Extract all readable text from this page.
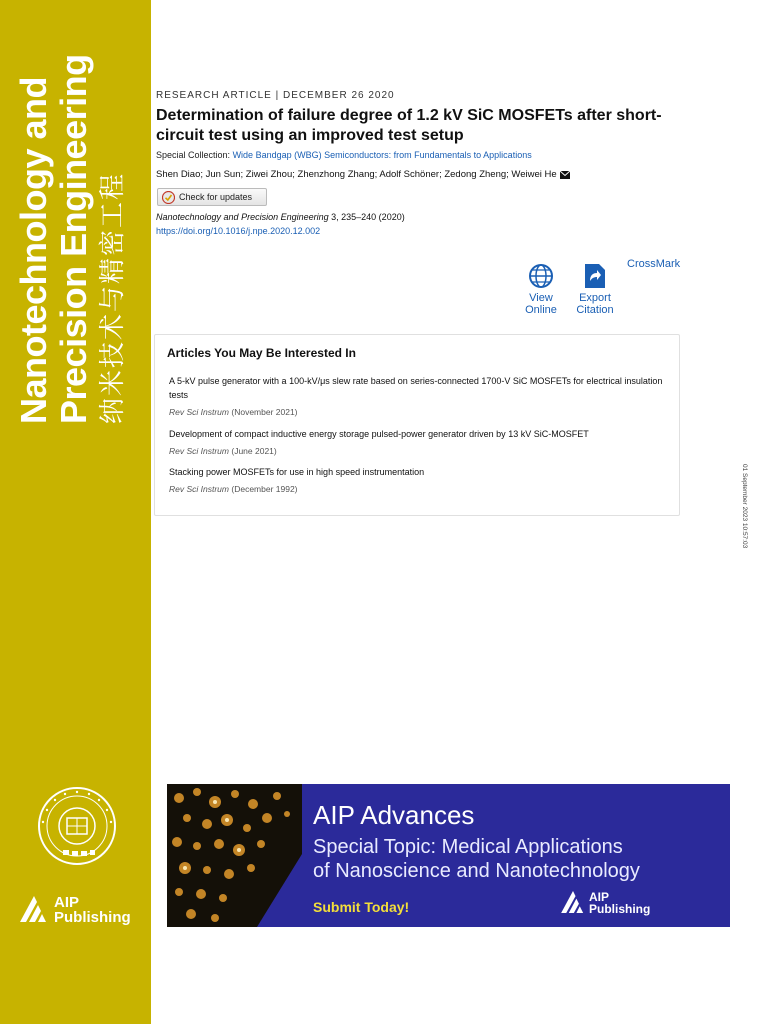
Nanotechnology and Precision Engineering 纳米技术与精密工程
AIP
Publishing
RESEARCH ARTICLE | DECEMBER 26 2020
Determination of failure degree of 1.2 kV SiC MOSFETs after short-circuit test using an improved test setup
Special Collection: Wide Bandgap (WBG) Semiconductors: from Fundamentals to Applications
Shen Diao; Jun Sun; Ziwei Zhou; Zhenzhong Zhang; Adolf Schöner; Zedong Zheng; Weiwei He
Check for updates
Nanotechnology and Precision Engineering 3, 235–240 (2020)
https://doi.org/10.1016/j.npe.2020.12.002
View
Online
Export
Citation
CrossMark
Articles You May Be Interested In
A 5-kV pulse generator with a 100-kV/μs slew rate based on series-connected 1700-V SiC MOSFETs for electrical insulation tests
Rev Sci Instrum (November 2021)
Development of compact inductive energy storage pulsed-power generator driven by 13 kV SiC-MOSFET
Rev Sci Instrum (June 2021)
Stacking power MOSFETs for use in high speed instrumentation
Rev Sci Instrum (December 1992)	01 September 2023 10:57:03
AIP Advances
Special Topic: Medical Applications
of Nanoscience and Nanotechnology
Submit Today!
AIP
Publishing
